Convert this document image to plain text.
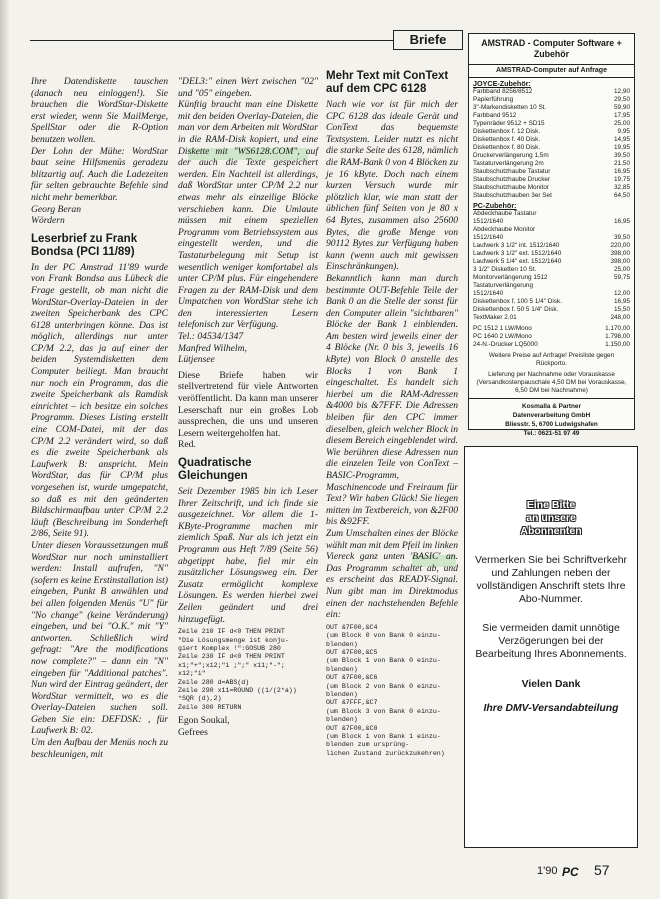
Briefe

Ihre Datendiskette tauschen (danach neu einloggen!). Sie brauchen die WordStar-Diskette erst wieder, wenn Sie MailMerge, SpellStar oder die R-Option benutzen wollen.

Der Lohn der Mühe: WordStar baut seine Hilfsmenüs geradezu blitzartig auf. Auch die Ladezeiten für selten gebrauchte Befehle sind nicht mehr bemerkbar.

Georg Beran

Wördern

Leserbrief zu Frank Bondsa (PCI 11/89)

In der PC Amstrad 11'89 wurde von Frank Bondsa aus Lübeck die Frage gestellt, ob man nicht die WordStar-Overlay-Dateien in der zweiten Speicherbank des CPC 6128 unterbringen könne. Das ist möglich, allerdings nur unter CP/M 2.2, das ja auf einer der beiden Systemdisketten dem Computer beiliegt. Man braucht nur noch ein Programm, das die zweite Speicherbank als Ramdisk einrichtet – ich besitze ein solches Programm. Dieses Listing erstellt eine COM-Datei, mit der das CP/M 2.2 verändert wird, so daß es die zweite Speicherbank als Laufwerk B: anspricht. Mein WordStar, das für CP/M plus vorgesehen ist, wurde umgepatcht, so daß es mit den geänderten Bildschirmaufbau unter CP/M 2.2 läuft (Beschreibung im Sonderheft 2/86, Seite 91).

Unter diesen Voraussetzungen muß WordStar nur noch uminstalliert werden: Install aufrufen, "N" (sofern es keine Erstinstallation ist) eingeben, Punkt B anwählen und bei allen folgenden Menüs "U" für "No change" (keine Veränderung) eingeben, und bei "O.K." mit "Y" antworten. Schließlich wird gefragt: "Are the modifications now complete?" – dann ein "N" eingeben für "Additional patches". Nun wird der Eintrag geändert, der WordStar vermittelt, wo es die Overlay-Dateien suchen soll. Geben Sie ein: DEFDSK: , für Laufwerk B: 02.

Um den Aufbau der Menüs noch zu beschleunigen, mit

"DEL3:" einen Wert zwischen "02" und "05" eingeben.

Künftig braucht man eine Diskette mit den beiden Overlay-Dateien, die man vor dem Arbeiten mit WordStar in die RAM-Disk kopiert, und eine Diskette mit "WS6128.COM", auf der auch die Texte gespeichert werden. Ein Nachteil ist allerdings, daß WordStar unter CP/M 2.2 nur etwas mehr als einzeilige Blöcke verschieben kann. Die Umlaute müssen mit einem speziellen Programm vom Betriebssystem aus eingestellt werden, und die Tastaturbelegung mit Setup ist wesentlich weniger komfortabel als unter CP/M plus. Für eingehendere Fragen zu der RAM-Disk und dem Umpatchen von WordStar stehe ich den interessierten Lesern telefonisch zur Verfügung.

Tel.: 04534/1347

Manfred Wilhelm,

Lütjensee

Diese Briefe haben wir stellvertretend für viele Antworten veröffentlicht. Da kann man unserer Leserschaft nur ein großes Lob aussprechen, die uns und unseren Lesern weitergeholfen hat.

Red.

Quadratische Gleichungen

Seit Dezember 1985 bin ich Leser Ihrer Zeitschrift, und ich finde sie ausgezeichnet. Vor allem die 1-KByte-Programme machen mir ziemlich Spaß. Nur als ich jetzt ein Programm aus Heft 7/89 (Seite 56) abgetippt habe, fiel mir ein zusätzlicher Lösungsweg ein. Der Zusatz ermöglicht komplexe Lösungen. Es werden hierbei zwei Zeilen geändert und drei hinzugefügt.

Zeile 210 IF d<0 THEN PRINT
"Die Lösungsmenge ist konju-
giert Komplex !":GOSUB 280
Zeile 230 IF d<0 THEN PRINT
x1;"+";x12;"i ;";" x11;"-";
x12;"i"
Zeile 280 d=ABS(d)
Zeile 290 x11=ROUND ((1/(2*a))
*SQR (d),2)
Zeile 300 RETURN

Egon Soukal,

Gefrees

Mehr Text mit ConText auf dem CPC 6128

Nach wie vor ist für mich der CPC 6128 das ideale Gerät und ConText das bequemste Textsystem. Leider nutzt es nicht die starke Seite des 6128, nämlich die RAM-Bank 0 von 4 Blöcken zu je 16 kByte. Doch nach einem kurzen Versuch wurde mir plötzlich klar, wie man statt der üblichen fünf Seiten von je 80 x 64 Bytes, zusammen also 25600 Bytes, die große Menge von 90112 Bytes zur Verfügung haben kann (wenn auch mit gewissen Einschränkungen).

Bekanntlich kann man durch bestimmte OUT-Befehle Teile der Bank 0 an die Stelle der sonst für den Computer allein "sichtbaren" Blöcke der Bank 1 einblenden. Am besten wird jeweils einer der 4 Blöcke (Nr. 0 bis 3, jeweils 16 kByte) von Block 0 anstelle des Blocks 1 von Bank 1 eingeschaltet. Es handelt sich hierbei um die RAM-Adressen &4000 bis &7FFF. Die Adressen bleiben für den CPC immer dieselben, gleich welcher Block in diesem Bereich eingeblendet wird.

Wie berühren diese Adressen nun die einzelen Teile von ConText – BASIC-Programm, Maschinencode und Freiraum für Text? Wir haben Glück! Sie liegen mitten im Textbereich, von &2F00 bis &92FF.

Zum Umschalten eines der Blöcke wählt man mit dem Pfeil im linken Viereck ganz unten 'BASIC' an. Das Programm schaltet ab, und es erscheint das READY-Signal. Nun gibt man im Direktmodus einen der nachstehenden Befehle ein:

OUT &7F00,&C4
(um Block 0 von Bank 0 einzu-
blenden)
OUT &7F00,&C5
(um Block 1 von Bank 0 einzu-
blenden)
OUT &7F00,&C6
(um Block 2 von Bank 0 einzu-
blenden)
OUT &7FFF,&C7
(um Block 3 von Bank 0 einzu-
blenden)
OUT &7F00,&C0
(um Block 1 von Bank 1 einzu-
blenden zum ursprüng-
lichen Zustand zurückzukehren)
AMSTRAD - Computer Software + Zubehör
AMSTRAD-Computer auf Anfrage
JOYCE-Zubehör:
Farbband 8256/8512	12,90
Papierführung	29,50
3"-Markendisketten 10 St.	59,90
Farbband 9512	17,95
Typenräder 9512 + SD15	25,00
Diskettenbox f. 12 Disk.	9,95
Diskettenbox f. 40 Disk.	14,95
Diskettenbox f. 80 Disk.	19,95
Druckerverlängerung 1,5m	39,50
Tastaturverlängerung 2m	21,50
Staubschutzhaube Tastatur	16,95
Staubschutzhaube Drucker	19,75
Staubschutzhaube Monitor	32,85
Staubschutzhauben 3er Set	64,50
PC-Zubehör:
Abdeckhaube Tastatur
1512/1640	16,95
Abdeckhaube Monitor
1512/1640	39,50
Laufwerk 3 1/2" int. 1512/1640	220,00
Laufwerk 3 1/2" ext. 1512/1640	398,00
Laufwerk 5 1/4" ext. 1512/1640	398,00
3 1/2" Disketten 10 St.	25,00
Monitorverlängerung 1512	59,75
Tastaturverlängerung
1512/1640	12,00
Diskettenbox f. 100 5 1/4" Disk.	16,95
Diskettenbox f. 50 5 1/4" Disk.	15,50
TextMaker 2.01	248,00
PC 1512 1 LW/Mono	1.170,00
PC 1640 2 LW/Mono	1.798,00
24-N.-Drucker LQ5000	1.150,00
Weitere Preise auf Anfrage! Preisliste gegen Rückporto.
Lieferung per Nachnahme oder Vorauskasse (Versandkostenpauschale 4,50 DM bei Vorauskasse, 6,50 DM bei Nachnahme)
Kosmalla & Partner
Datenverarbeitung GmbH
Bliesstr. 5, 6700 Ludwigshafen
Tel.: 0621-51 97 49
Eine Bitte
an unsere
Abonnenten
Vermerken Sie bei Schriftverkehr und Zahlungen neben der vollständigen Anschrift stets Ihre Abo-Nummer.
Sie vermeiden damit unnötige Verzögerungen bei der Bearbeitung Ihres Abonnements.
Vielen Dank
Ihre DMV-Versandabteilung
1'90 PC 57
